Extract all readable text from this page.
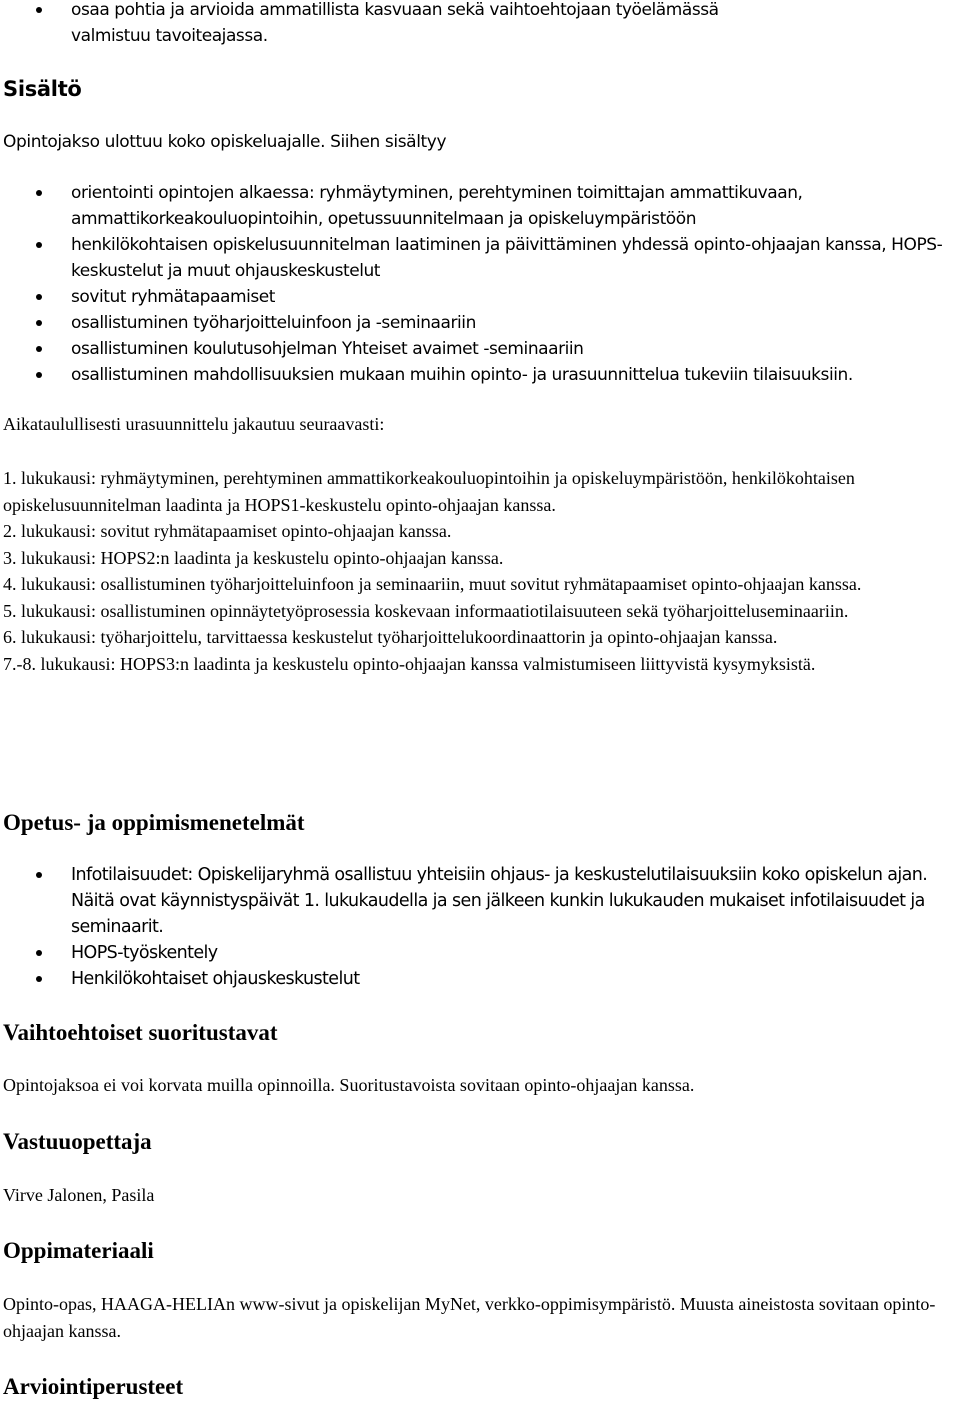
osaa pohtia ja arvioida ammatillista kasvuaan sekä vaihtoehtojaan työelämässä
valmistuu tavoiteajassa.
Sisältö

Opintojakso ulottuu koko opiskeluajalle. Siihen sisältyy

orientointi opintojen alkaessa: ryhmäytyminen, perehtyminen toimittajan ammattikuvaan, ammattikorkeakouluopintoihin, opetussuunnitelmaan ja opiskeluympäristöön
henkilökohtaisen opiskelusuunnitelman laatiminen ja päivittäminen yhdessä opinto-ohjaajan kanssa, HOPS-keskustelut ja muut ohjauskeskustelut
sovitut ryhmätapaamiset
osallistuminen työharjoitteluinfoon ja -seminaariin
osallistuminen koulutusohjelman Yhteiset avaimet -seminaariin
osallistuminen mahdollisuuksien mukaan muihin opinto- ja urasuunnittelua tukeviin tilaisuuksiin.

Aikataulullisesti urasuunnittelu jakautuu seuraavasti:

1. lukukausi: ryhmäytyminen, perehtyminen ammattikorkeakouluopintoihin ja opiskeluympäristöön, henkilökohtaisen opiskelusuunnitelman laadinta ja HOPS1-keskustelu opinto-ohjaajan kanssa.
2. lukukausi: sovitut ryhmätapaamiset opinto-ohjaajan kanssa.
3. lukukausi: HOPS2:n laadinta ja keskustelu opinto-ohjaajan kanssa.
4. lukukausi: osallistuminen työharjoitteluinfoon ja seminaariin, muut sovitut ryhmätapaamiset opinto-ohjaajan kanssa.
5. lukukausi: osallistuminen opinnäytetyöprosessia koskevaan informaatiotilaisuuteen sekä työharjoitteluseminaariin.
6. lukukausi: työharjoittelu, tarvittaessa keskustelut työharjoittelukoordinaattorin ja opinto-ohjaajan kanssa.
7.-8. lukukausi: HOPS3:n laadinta ja keskustelu opinto-ohjaajan kanssa valmistumiseen liittyvistä kysymyksistä.
Opetus- ja oppimismenetelmät
Infotilaisuudet: Opiskelijaryhmä osallistuu yhteisiin ohjaus- ja keskustelutilaisuuksiin koko opiskelun ajan. Näitä ovat käynnistyspäivät 1. lukukaudella ja sen jälkeen kunkin lukukauden mukaiset infotilaisuudet ja seminaarit.
HOPS-työskentely
Henkilökohtaiset ohjauskeskustelut
Vaihtoehtoiset suoritustavat

Opintojaksoa ei voi korvata muilla opinnoilla. Suoritustavoista sovitaan opinto-ohjaajan kanssa.

Vastuuopettaja

Virve Jalonen, Pasila

Oppimateriaali

Opinto-opas, HAAGA-HELIAn www-sivut ja opiskelijan MyNet, verkko-oppimisympäristö. Muusta aineistosta sovitaan opinto-ohjaajan kanssa.

Arviointiperusteet
